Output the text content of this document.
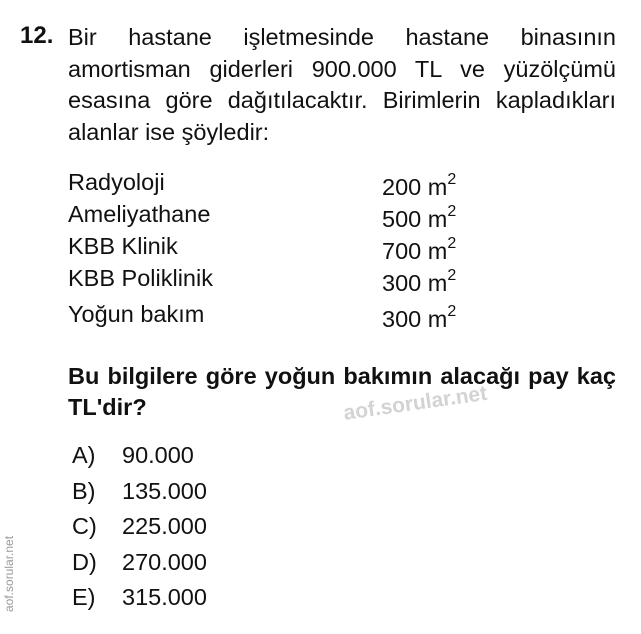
12. Bir hastane işletmesinde hastane binasının amortisman giderleri 900.000 TL ve yüzölçümü esasına göre dağıtılacaktır. Birimlerin kapladıkları alanlar ise şöyledir:
Radyoloji	200 $m^2$
Ameliyathane	500 $m^2$
KBB Klinik	700 $m^2$
KBB Poliklinik	300 $m^2$
Yoğun bakım	300 $m^2$
Bu bilgilere göre yoğun bakımın alacağı pay kaç TL'dir?	aof.sorular.net
A) 90.000
B) 135.000
C) 225.000
D) 270.000
E) 315.000
aof.sorular.net
